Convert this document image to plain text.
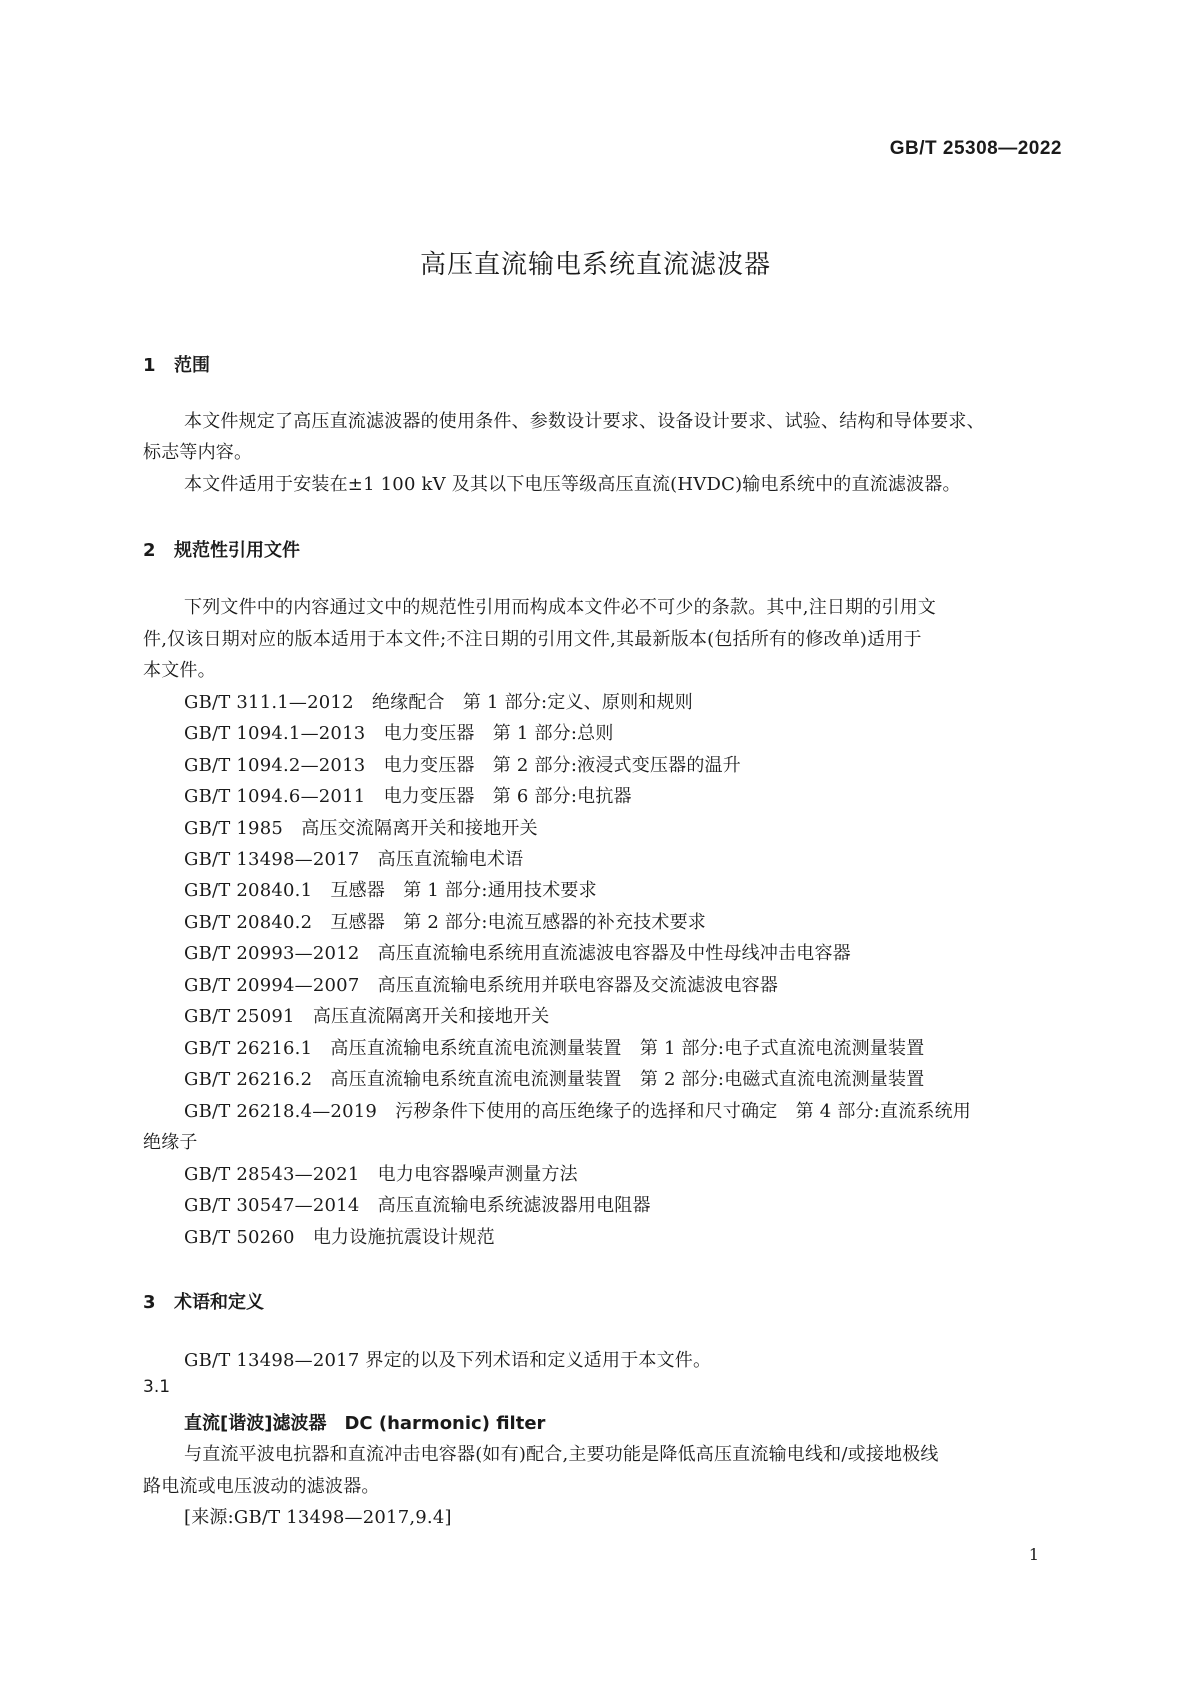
GB/T 25308—2022
高压直流输电系统直流滤波器
1 范围
本文件规定了高压直流滤波器的使用条件、参数设计要求、设备设计要求、试验、结构和导体要求、
标志等内容。
本文件适用于安装在±1 100 kV 及其以下电压等级高压直流(HVDC)输电系统中的直流滤波器。
2 规范性引用文件
下列文件中的内容通过文中的规范性引用而构成本文件必不可少的条款。其中,注日期的引用文
件,仅该日期对应的版本适用于本文件;不注日期的引用文件,其最新版本(包括所有的修改单)适用于
本文件。
GB/T 311.1—2012　绝缘配合　第 1 部分:定义、原则和规则
GB/T 1094.1—2013　电力变压器　第 1 部分:总则
GB/T 1094.2—2013　电力变压器　第 2 部分:液浸式变压器的温升
GB/T 1094.6—2011　电力变压器　第 6 部分:电抗器
GB/T 1985　高压交流隔离开关和接地开关
GB/T 13498—2017　高压直流输电术语
GB/T 20840.1　互感器　第 1 部分:通用技术要求
GB/T 20840.2　互感器　第 2 部分:电流互感器的补充技术要求
GB/T 20993—2012　高压直流输电系统用直流滤波电容器及中性母线冲击电容器
GB/T 20994—2007　高压直流输电系统用并联电容器及交流滤波电容器
GB/T 25091　高压直流隔离开关和接地开关
GB/T 26216.1　高压直流输电系统直流电流测量装置　第 1 部分:电子式直流电流测量装置
GB/T 26216.2　高压直流输电系统直流电流测量装置　第 2 部分:电磁式直流电流测量装置
GB/T 26218.4—2019　污秽条件下使用的高压绝缘子的选择和尺寸确定　第 4 部分:直流系统用
绝缘子
GB/T 28543—2021　电力电容器噪声测量方法
GB/T 30547—2014　高压直流输电系统滤波器用电阻器
GB/T 50260　电力设施抗震设计规范
3 术语和定义
GB/T 13498—2017 界定的以及下列术语和定义适用于本文件。
3.1
直流[谐波]滤波器　DC (harmonic) filter
与直流平波电抗器和直流冲击电容器(如有)配合,主要功能是降低高压直流输电线和/或接地极线
路电流或电压波动的滤波器。
[来源:GB/T 13498—2017,9.4]
1
